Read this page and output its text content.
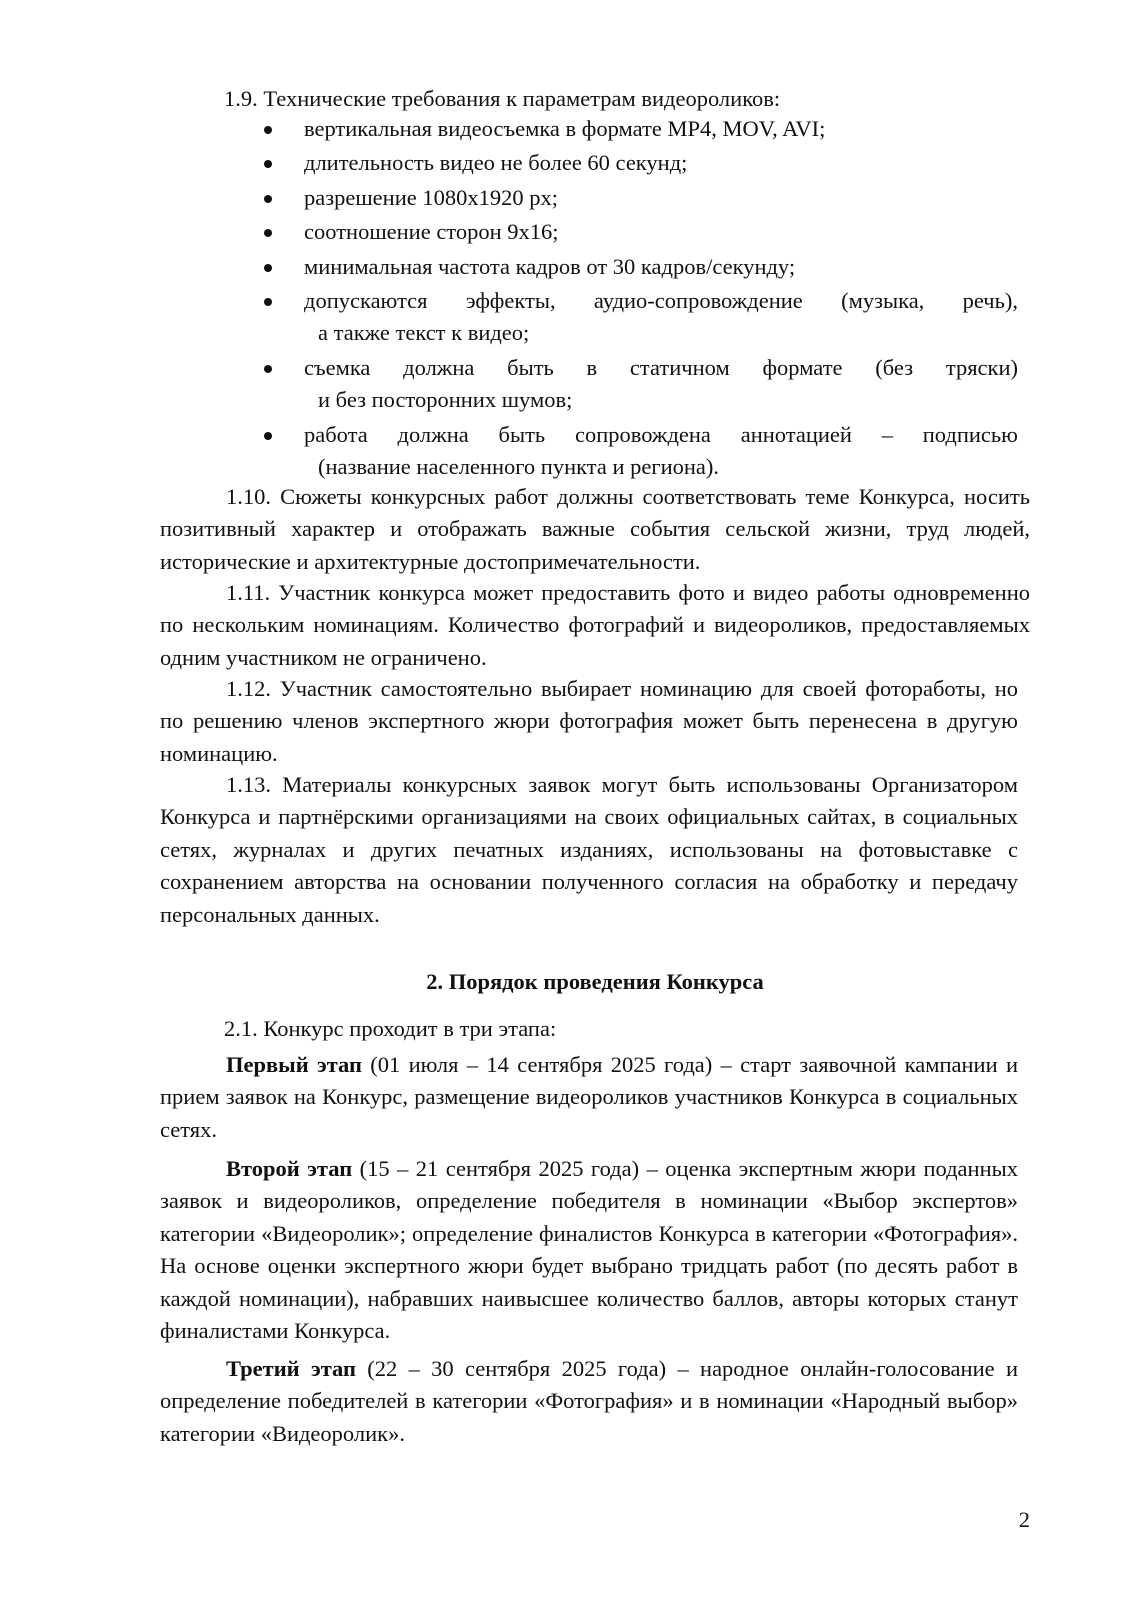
1.9. Технические требования к параметрам видеороликов:
вертикальная видеосъемка в формате MP4, MOV, AVI;
длительность видео не более 60 секунд;
разрешение 1080х1920 px;
соотношение сторон 9х16;
минимальная частота кадров от 30 кадров/секунду;
допускаются эффекты, аудио-сопровождение (музыка, речь),
а также текст к видео;
съемка должна быть в статичном формате (без тряски)
и без посторонних шумов;
работа должна быть сопровождена аннотацией – подписью
(название населенного пункта и региона).
1.10. Сюжеты конкурсных работ должны соответствовать теме Конкурса, носить позитивный характер и отображать важные события сельской жизни, труд людей, исторические и архитектурные достопримечательности.
1.11. Участник конкурса может предоставить фото и видео работы одновременно по нескольким номинациям. Количество фотографий и видеороликов, предоставляемых одним участником не ограничено.
1.12. Участник самостоятельно выбирает номинацию для своей фотоработы, но по решению членов экспертного жюри фотография может быть перенесена в другую номинацию.
1.13. Материалы конкурсных заявок могут быть использованы Организатором Конкурса и партнёрскими организациями на своих официальных сайтах, в социальных сетях, журналах и других печатных изданиях, использованы на фотовыставке с сохранением авторства на основании полученного согласия на обработку и передачу персональных данных.
2. Порядок проведения Конкурса
2.1. Конкурс проходит в три этапа:
Первый этап (01 июля – 14 сентября 2025 года) – старт заявочной кампании и прием заявок на Конкурс, размещение видеороликов участников Конкурса в социальных сетях.
Второй этап (15 – 21 сентября 2025 года) – оценка экспертным жюри поданных заявок и видеороликов, определение победителя в номинации «Выбор экспертов» категории «Видеоролик»; определение финалистов Конкурса в категории «Фотография». На основе оценки экспертного жюри будет выбрано тридцать работ (по десять работ в каждой номинации), набравших наивысшее количество баллов, авторы которых станут финалистами Конкурса.
Третий этап (22 – 30 сентября 2025 года) – народное онлайн-голосование и определение победителей в категории «Фотография» и в номинации «Народный выбор» категории «Видеоролик».
2
